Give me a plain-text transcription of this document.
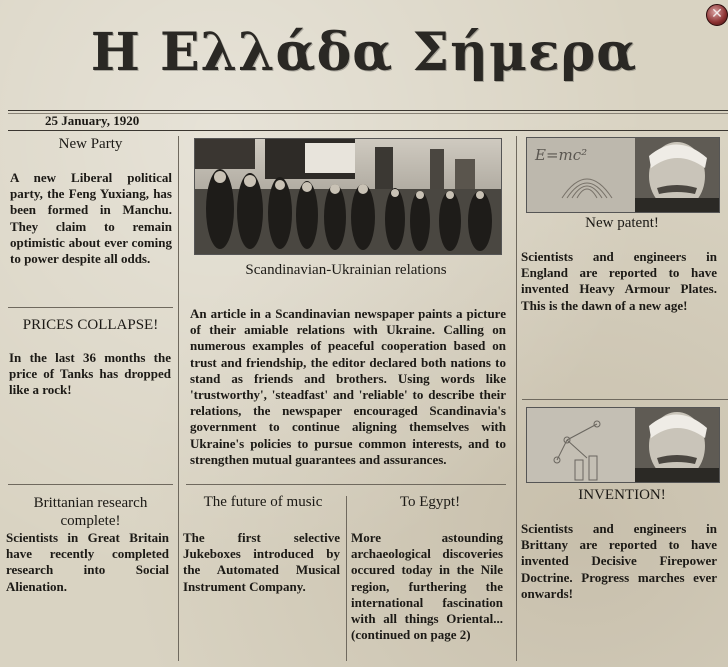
Η Ελλάδα Σήμερα
✕
25 January, 1920
New Party
A new Liberal political party, the Feng Yuxiang, has been formed in Manchu. They claim to remain optimistic about ever coming to power despite all odds.
PRICES COLLAPSE!
In the last 36 months the price of Tanks has dropped like a rock!
Brittanian research complete!
Scientists in Great Britain have recently completed research into Social Alienation.
Scandinavian-Ukrainian relations
An article in a Scandinavian newspaper paints a picture of their amiable relations with Ukraine. Calling on numerous examples of peaceful cooperation based on trust and friendship, the editor declared both nations to stand as friends and brothers. Using words like 'trustworthy', 'steadfast' and 'reliable' to describe their relations, the newspaper encouraged Scandinavia's government to continue aligning themselves with Ukraine's policies to pursue common interests, and to strengthen mutual guarantees and assurances.
The future of music
The first selective Jukeboxes introduced by the Automated Musical Instrument Company.
To Egypt!
More astounding archaeological discoveries occured today in the Nile region, furthering the international fascination with all things Oriental... (continued on page 2)
E=mc²
New patent!
Scientists and engineers in England are reported to have invented Heavy Armour Plates. This is the dawn of a new age!
INVENTION!
Scientists and engineers in Brittany are reported to have invented Decisive Firepower Doctrine. Progress marches ever onwards!
